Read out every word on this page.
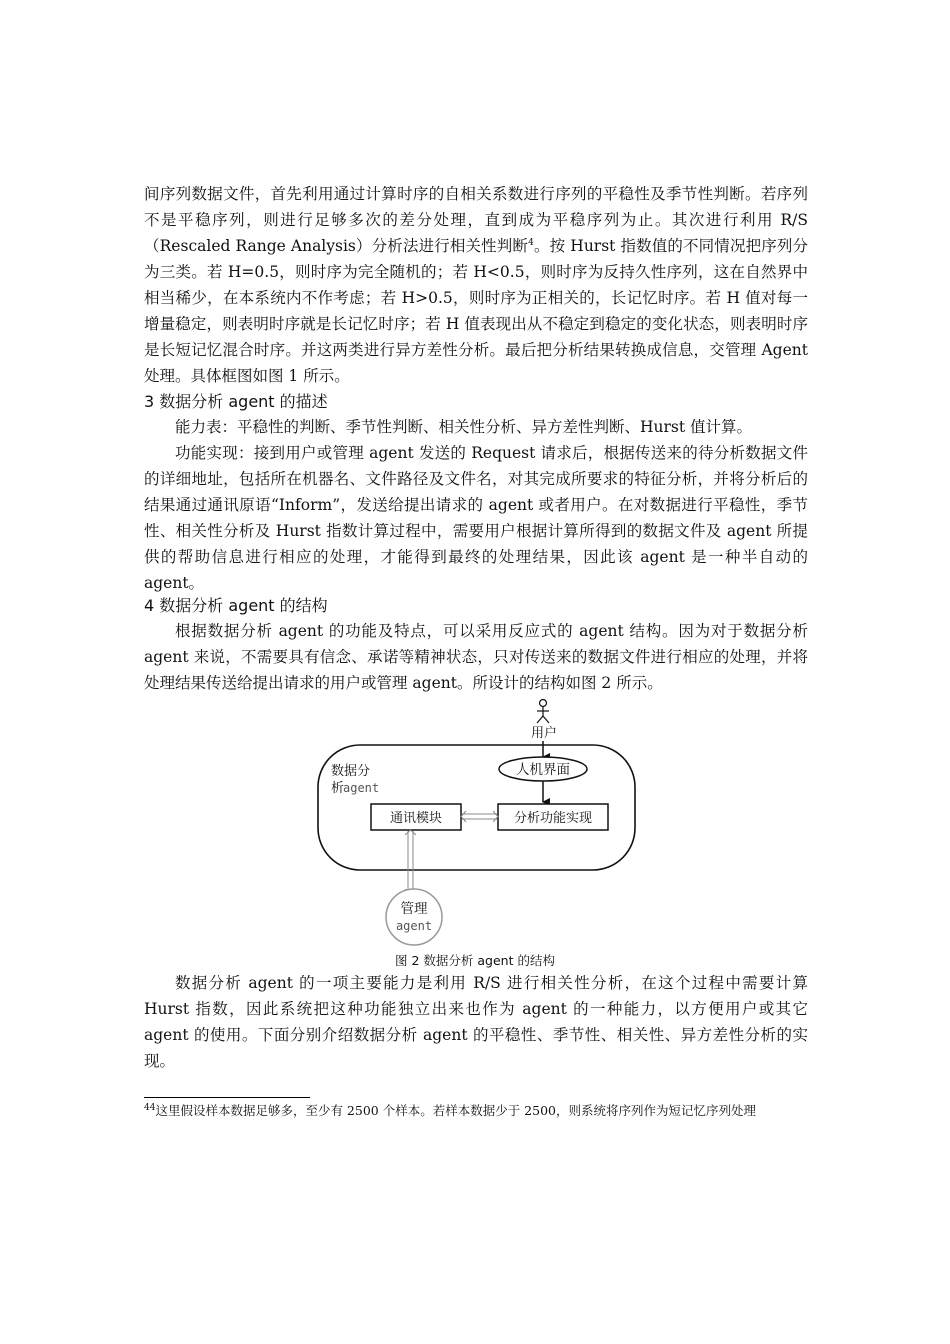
间序列数据文件，首先利用通过计算时序的自相关系数进行序列的平稳性及季节性判断。若序列不是平稳序列，则进行足够多次的差分处理，直到成为平稳序列为止。其次进行利用 R/S（Rescaled Range Analysis）分析法进行相关性判断$^4$。按 Hurst 指数值的不同情况把序列分为三类。若 H=0.5，则时序为完全随机的；若 H<0.5，则时序为反持久性序列，这在自然界中相当稀少，在本系统内不作考虑；若 H>0.5，则时序为正相关的，长记忆时序。若 H 值对每一增量稳定，则表明时序就是长记忆时序；若 H 值表现出从不稳定到稳定的变化状态，则表明时序是长短记忆混合时序。并这两类进行异方差性分析。最后把分析结果转换成信息，交管理 Agent 处理。具体框图如图 1 所示。

3 数据分析 agent 的描述

能力表：平稳性的判断、季节性判断、相关性分析、异方差性判断、Hurst 值计算。

功能实现：接到用户或管理 agent 发送的 Request 请求后，根据传送来的待分析数据文件的详细地址，包括所在机器名、文件路径及文件名，对其完成所要求的特征分析，并将分析后的结果通过通讯原语“Inform”，发送给提出请求的 agent 或者用户。在对数据进行平稳性，季节性、相关性分析及 Hurst 指数计算过程中，需要用户根据计算所得到的数据文件及 agent 所提供的帮助信息进行相应的处理，才能得到最终的处理结果，因此该 agent 是一种半自动的 agent。

4 数据分析 agent 的结构

根据数据分析 agent 的功能及特点，可以采用反应式的 agent 结构。因为对于数据分析 agent 来说，不需要具有信念、承诺等精神状态，只对传送来的数据文件进行相应的处理，并将处理结果传送给提出请求的用户或管理 agent。所设计的结构如图 2 所示。

用户
数据分
析
agent
人机界面
通讯模块	分析功能实现
管理
agent
图 2 数据分析 agent 的结构

数据分析 agent 的一项主要能力是利用 R/S 进行相关性分析，在这个过程中需要计算 Hurst 指数，因此系统把这种功能独立出来也作为 agent 的一种能力，以方便用户或其它 agent 的使用。下面分别介绍数据分析 agent 的平稳性、季节性、相关性、异方差性分析的实现。

$^{44}$这里假设样本数据足够多，至少有 2500 个样本。若样本数据少于 2500，则系统将序列作为短记忆序列处理
